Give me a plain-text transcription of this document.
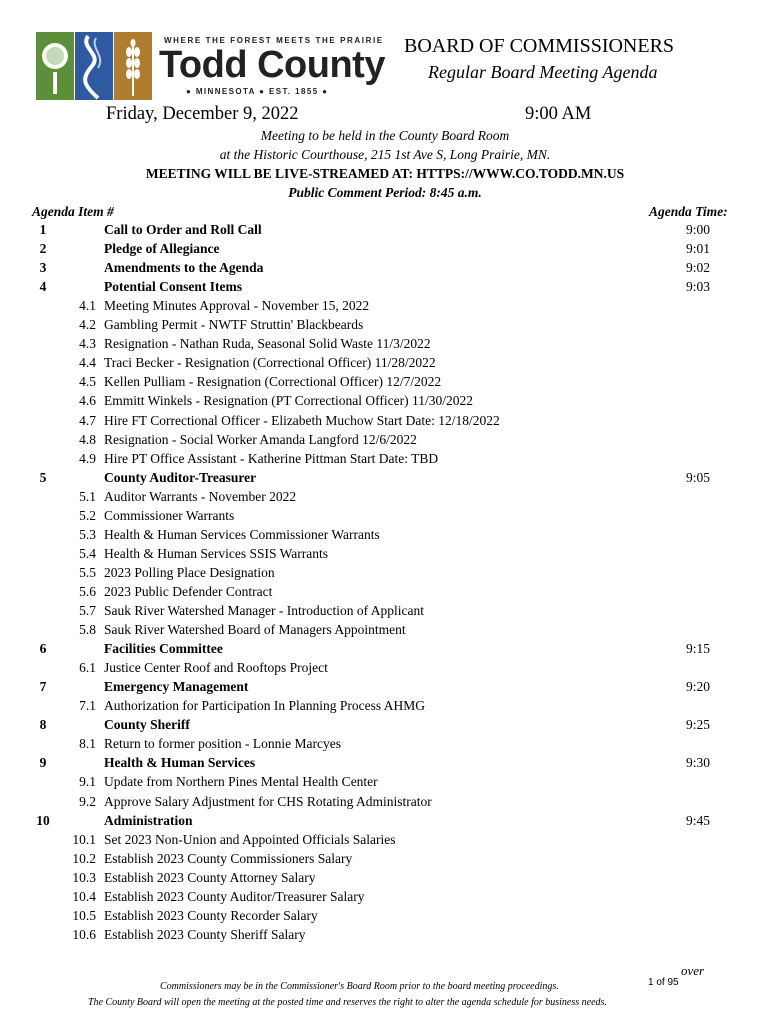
WHERE THE FOREST MEETS THE PRAIRIE
Todd County
● MINNESOTA ● EST. 1855 ●
BOARD OF COMMISSIONERS
Regular Board Meeting Agenda
Friday, December 9, 2022	9:00 AM
Meeting to be held in the County Board Room
at the Historic Courthouse, 215 1st Ave S, Long Prairie, MN.
MEETING WILL BE LIVE-STREAMED AT: HTTPS://WWW.CO.TODD.MN.US
Public Comment Period: 8:45 a.m.
Agenda Item #	Agenda Time:
1	Call to Order and Roll Call	9:00
2	Pledge of Allegiance	9:01
3	Amendments to the Agenda	9:02
4	Potential Consent Items	9:03
4.1 Meeting Minutes Approval - November 15, 2022
4.2 Gambling Permit - NWTF Struttin' Blackbeards
4.3 Resignation - Nathan Ruda, Seasonal Solid Waste 11/3/2022
4.4 Traci Becker - Resignation (Correctional Officer) 11/28/2022
4.5 Kellen Pulliam - Resignation (Correctional Officer) 12/7/2022
4.6 Emmitt Winkels - Resignation (PT Correctional Officer) 11/30/2022
4.7 Hire FT Correctional Officer - Elizabeth Muchow Start Date: 12/18/2022
4.8 Resignation - Social Worker Amanda Langford 12/6/2022
4.9 Hire PT Office Assistant - Katherine Pittman Start Date: TBD
5	County Auditor-Treasurer	9:05
5.1 Auditor Warrants - November 2022
5.2 Commissioner Warrants
5.3 Health & Human Services Commissioner Warrants
5.4 Health & Human Services SSIS Warrants
5.5 2023 Polling Place Designation
5.6 2023 Public Defender Contract
5.7 Sauk River Watershed Manager - Introduction of Applicant
5.8 Sauk River Watershed Board of Managers Appointment
6	Facilities Committee	9:15
6.1 Justice Center Roof and Rooftops Project
7	Emergency Management	9:20
7.1 Authorization for Participation In Planning Process AHMG
8	County Sheriff	9:25
8.1 Return to former position - Lonnie Marcyes
9	Health & Human Services	9:30
9.1 Update from Northern Pines Mental Health Center
9.2 Approve Salary Adjustment for CHS Rotating Administrator
10	Administration	9:45
10.1 Set 2023 Non-Union and Appointed Officials Salaries
10.2 Establish 2023 County Commissioners Salary
10.3 Establish 2023 County Attorney Salary
10.4 Establish 2023 County Auditor/Treasurer Salary
10.5 Establish 2023 County Recorder Salary
10.6 Establish 2023 County Sheriff Salary
Commissioners may be in the Commissioner's Board Room prior to the board meeting proceedings.	1 of 95
over
The County Board will open the meeting at the posted time and reserves the right to alter the agenda schedule for business needs.
